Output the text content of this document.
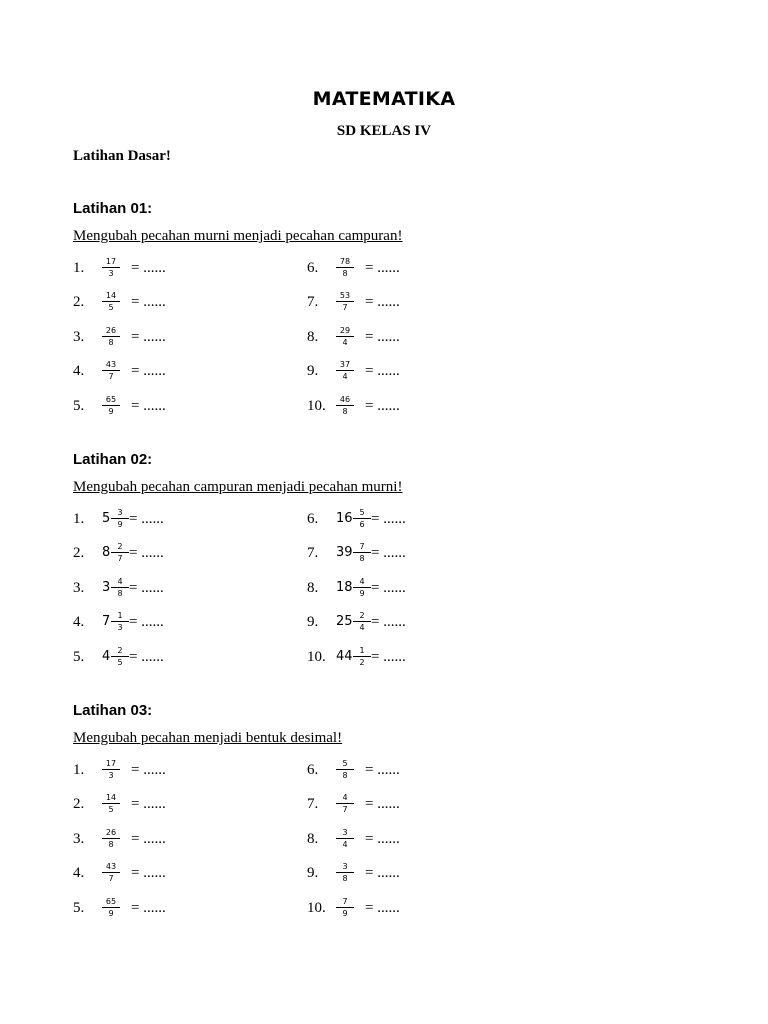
MATEMATIKA
SD KELAS IV
Latihan Dasar!
Latihan 01:
Mengubah pecahan murni menjadi pecahan campuran!
1. $\frac{17}{3}$ = ......
2. $\frac{14}{5}$ = ......
3. $\frac{26}{8}$ = ......
4. $\frac{43}{7}$ = ......
5. $\frac{65}{9}$ = ......
6. $\frac{78}{8}$ = ......
7. $\frac{53}{7}$ = ......
8. $\frac{29}{4}$ = ......
9. $\frac{37}{4}$ = ......
10. $\frac{46}{8}$ = ......
Latihan 02:
Mengubah pecahan campuran menjadi pecahan murni!
1. $5 \frac{3}{9}$ = ......
2. $8 \frac{2}{7}$ = ......
3. $3 \frac{4}{8}$ = ......
4. $7 \frac{1}{3}$ = ......
5. $4 \frac{2}{5}$ = ......
6. $16 \frac{5}{6}$ = ......
7. $39 \frac{7}{8}$ = ......
8. $18 \frac{4}{9}$ = ......
9. $25 \frac{2}{4}$ = ......
10. $44 \frac{1}{2}$ = ......
Latihan 03:
Mengubah pecahan menjadi bentuk desimal!
1. $\frac{17}{3}$ = ......
2. $\frac{14}{5}$ = ......
3. $\frac{26}{8}$ = ......
4. $\frac{43}{7}$ = ......
5. $\frac{65}{9}$ = ......
6. $\frac{5}{8}$ = ......
7. $\frac{4}{7}$ = ......
8. $\frac{3}{4}$ = ......
9. $\frac{3}{8}$ = ......
10. $\frac{7}{9}$ = ......
